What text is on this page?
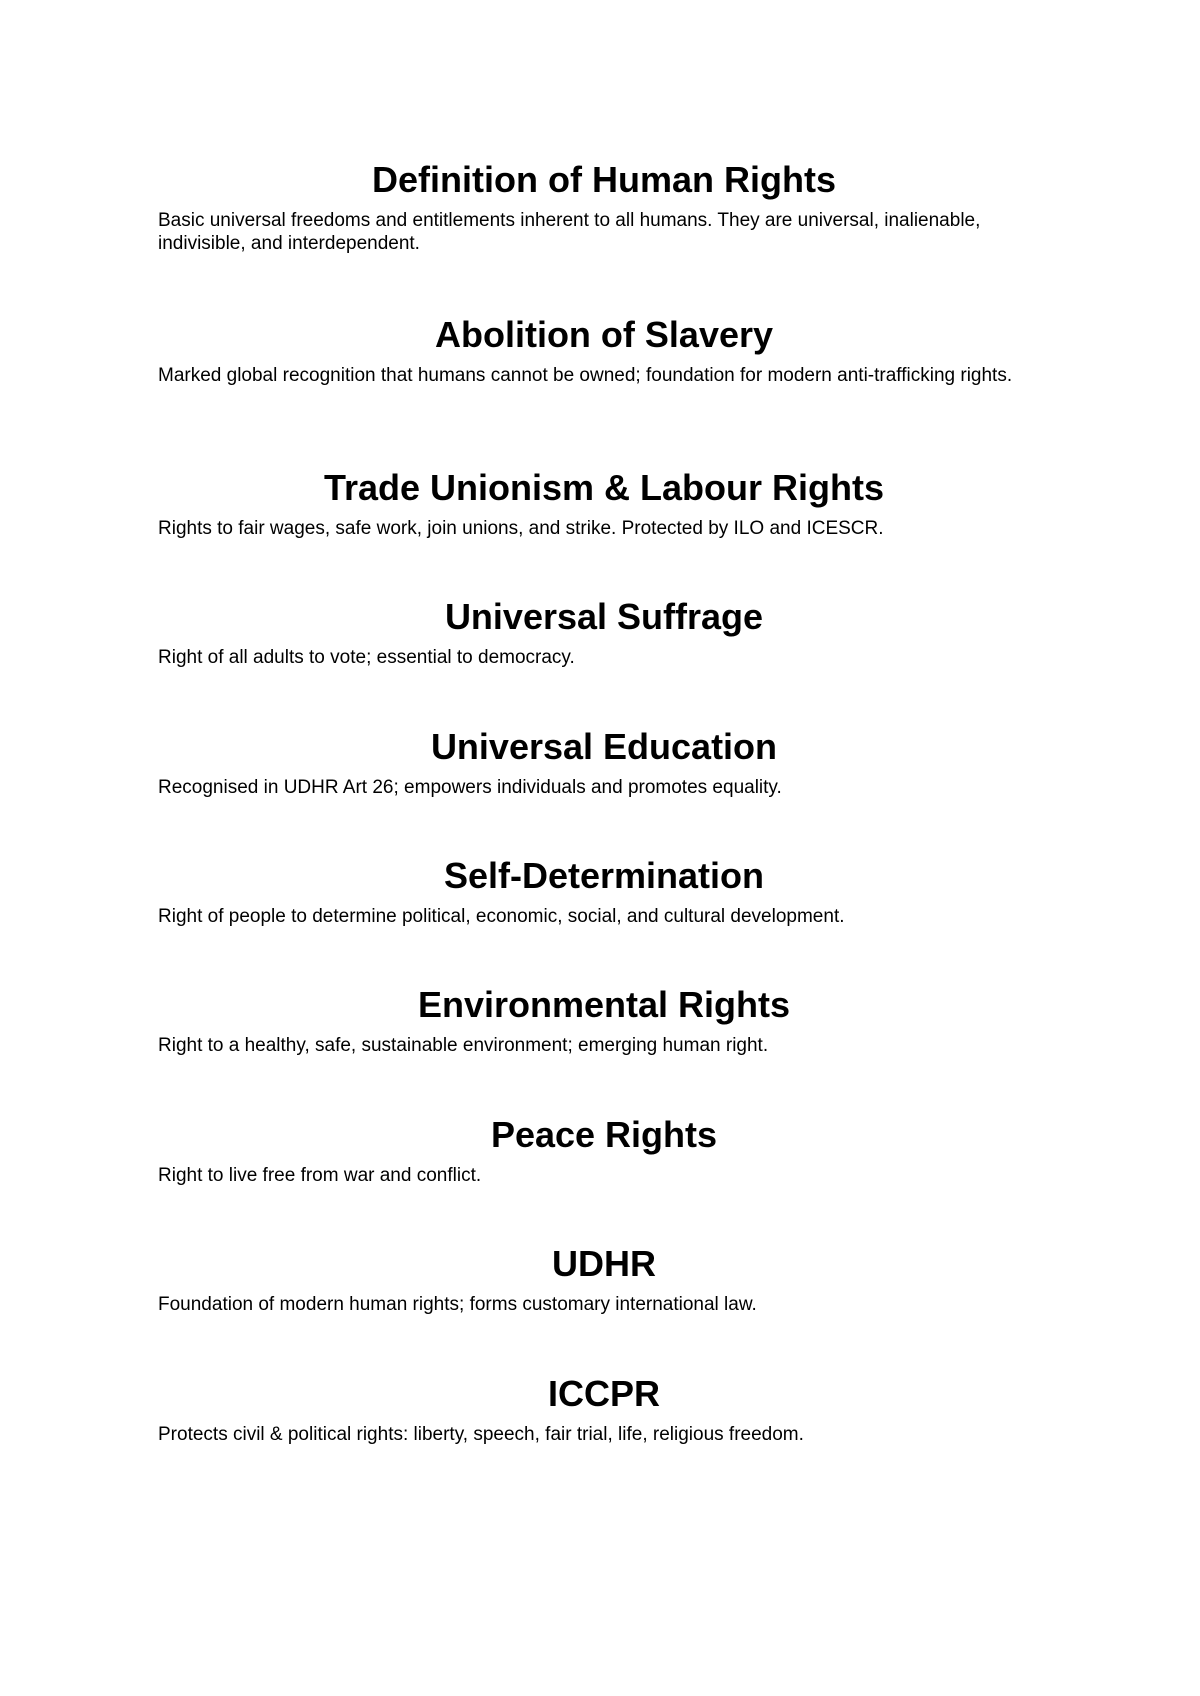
Definition of Human Rights

Basic universal freedoms and entitlements inherent to all humans. They are universal, inalienable, indivisible, and interdependent.

Abolition of Slavery

Marked global recognition that humans cannot be owned; foundation for modern anti-trafficking rights.

Trade Unionism & Labour Rights

Rights to fair wages, safe work, join unions, and strike. Protected by ILO and ICESCR.

Universal Suffrage

Right of all adults to vote; essential to democracy.

Universal Education

Recognised in UDHR Art 26; empowers individuals and promotes equality.

Self-Determination

Right of people to determine political, economic, social, and cultural development.

Environmental Rights

Right to a healthy, safe, sustainable environment; emerging human right.

Peace Rights

Right to live free from war and conflict.

UDHR

Foundation of modern human rights; forms customary international law.

ICCPR

Protects civil & political rights: liberty, speech, fair trial, life, religious freedom.
